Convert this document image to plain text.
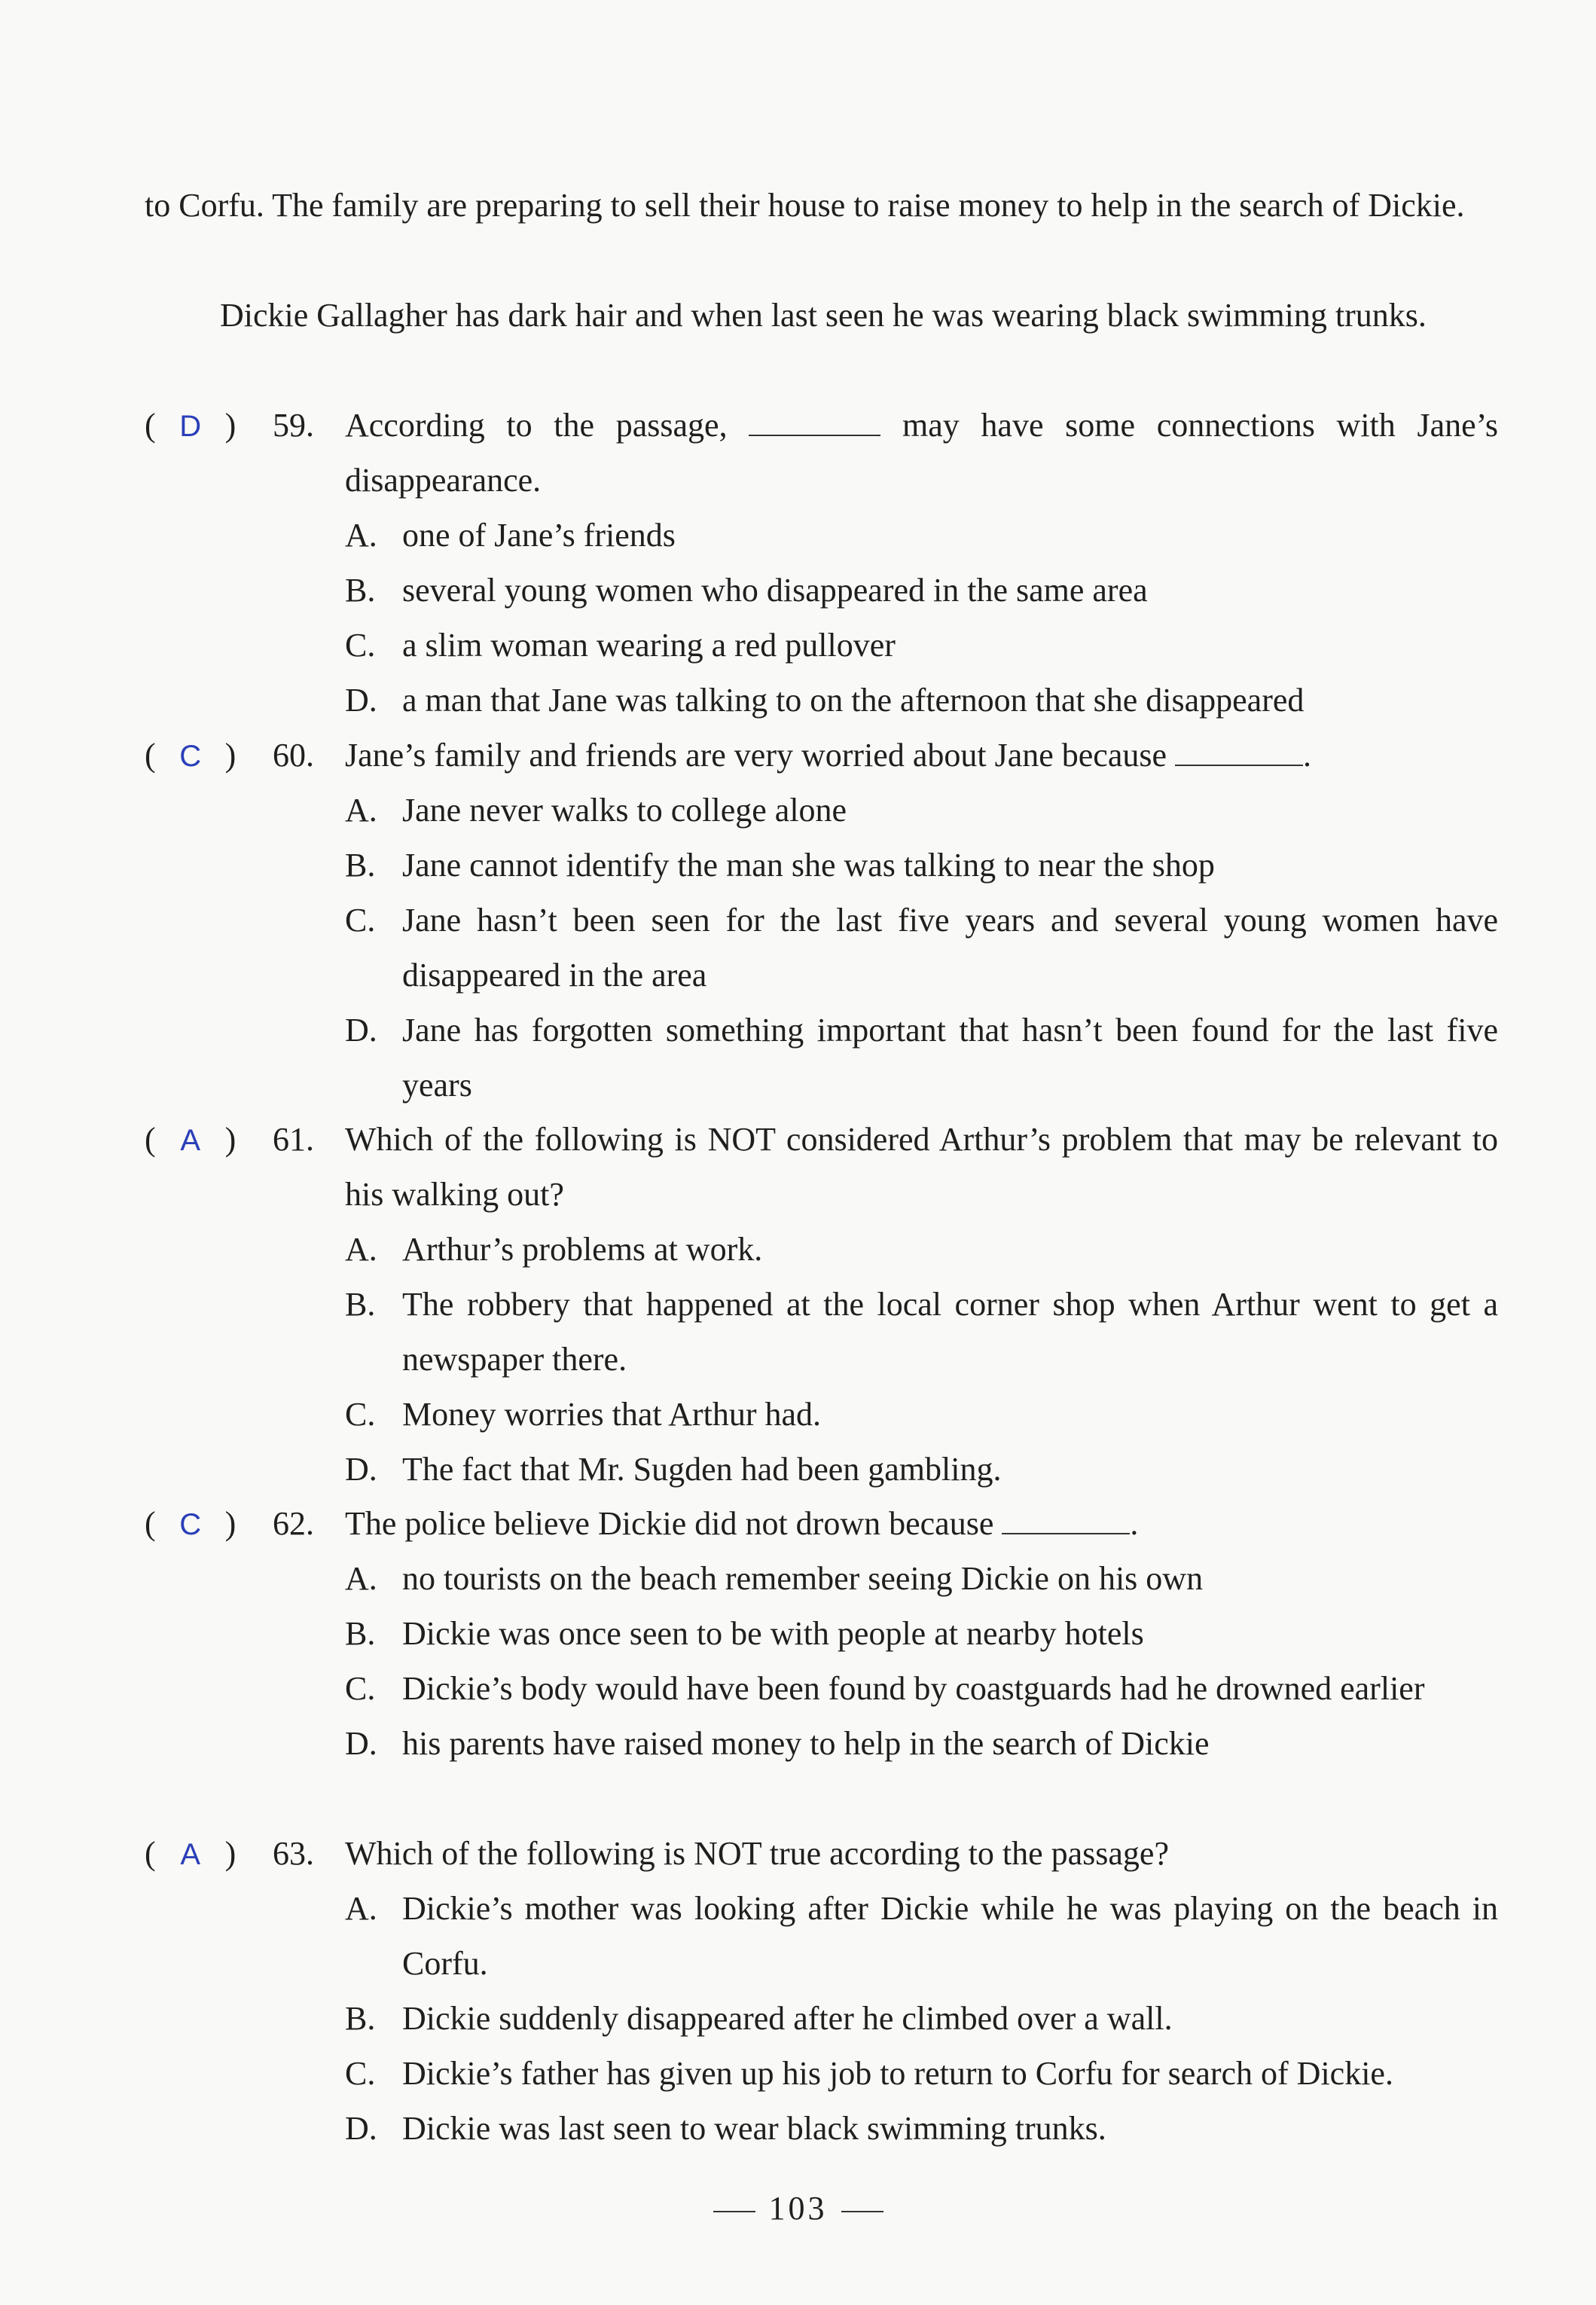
to Corfu. The family are preparing to sell their house to raise money to help in the search of Dickie.
Dickie Gallagher has dark hair and when last seen he was wearing black swimming trunks.
( D )	59. According to the passage,	may have some connections with Jane’s disappearance.
A. one of Jane’s friends
B. several young women who disappeared in the same area
C. a slim woman wearing a red pullover
D. a man that Jane was talking to on the afternoon that she disappeared
( C )	60. Jane’s family and friends are very worried about Jane because	.
A. Jane never walks to college alone
B. Jane cannot identify the man she was talking to near the shop
C. Jane hasn’t been seen for the last five years and several young women have disappeared in the area
D. Jane has forgotten something important that hasn’t been found for the last five years
( A )	61. Which of the following is NOT considered Arthur’s problem that may be relevant to his walking out?
A. Arthur’s problems at work.
B. The robbery that happened at the local corner shop when Arthur went to get a newspaper there.
C. Money worries that Arthur had.
D. The fact that Mr. Sugden had been gambling.
( C )	62. The police believe Dickie did not drown because	.
A. no tourists on the beach remember seeing Dickie on his own
B. Dickie was once seen to be with people at nearby hotels
C. Dickie’s body would have been found by coastguards had he drowned earlier
D. his parents have raised money to help in the search of Dickie
( A )	63. Which of the following is NOT true according to the passage?
A. Dickie’s mother was looking after Dickie while he was playing on the beach in Corfu.
B. Dickie suddenly disappeared after he climbed over a wall.
C. Dickie’s father has given up his job to return to Corfu for search of Dickie.
D. Dickie was last seen to wear black swimming trunks.
103
